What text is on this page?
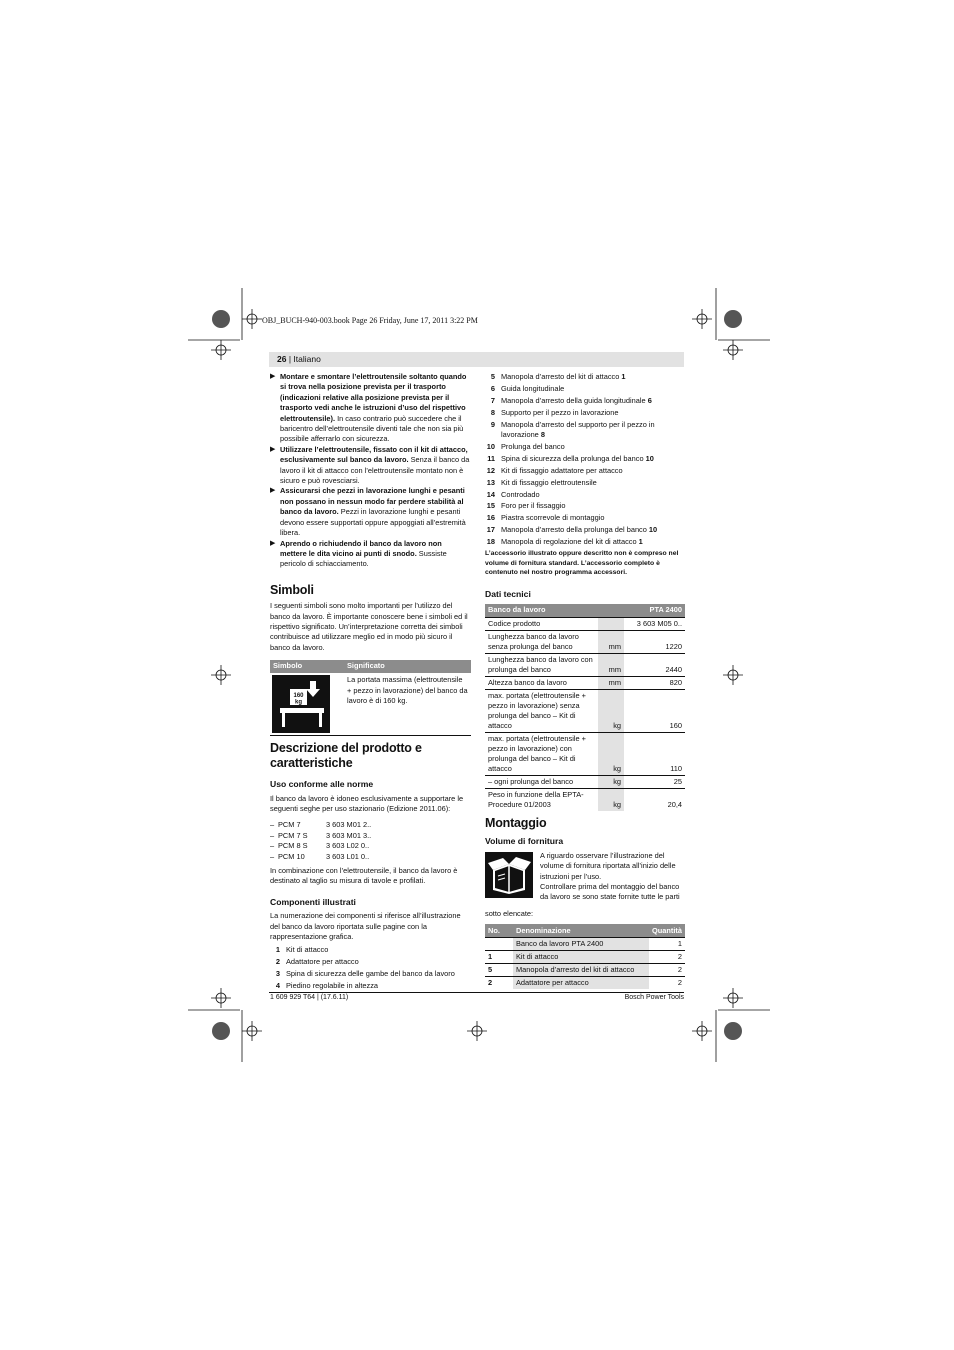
OBJ_BUCH-940-003.book Page 26 Friday, June 17, 2011 3:22 PM
26 | Italiano
▶ Montare e smontare l’elettroutensile soltanto quando si trova nella posizione prevista per il trasporto (indicazioni relative alla posizione prevista per il trasporto vedi anche le istruzioni d’uso del rispettivo elettroutensile). In caso contrario può succedere che il baricentro dell’elettroutensile diventi tale che non sia più possibile afferrarlo con sicurezza.
▶ Utilizzare l’elettroutensile, fissato con il kit di attacco, esclusivamente sul banco da lavoro. Senza il banco da lavoro il kit di attacco con l’elettroutensile montato non è sicuro e può rovesciarsi.
▶ Assicurarsi che pezzi in lavorazione lunghi e pesanti non possano in nessun modo far perdere stabilità al banco da lavoro. Pezzi in lavorazione lunghi e pesanti devono essere supportati oppure appoggiati all’estremità libera.
▶ Aprendo o richiudendo il banco da lavoro non mettere le dita vicino ai punti di snodo. Sussiste pericolo di schiacciamento.
Simboli

I seguenti simboli sono molto importanti per l’utilizzo del banco da lavoro. È importante conoscere bene i simboli ed il rispettivo significato. Un’interpretazione corretta dei simboli contribuisce ad utilizzare meglio ed in modo più sicuro il banco da lavoro.

Simbolo	Significato

160
kg	La portata massima (elettroutensile + pezzo in lavorazione) del banco da lavoro è di 160 kg.
Descrizione del prodotto e caratteristiche
Uso conforme alle norme

Il banco da lavoro è idoneo esclusivamente a supportare le seguenti seghe per uso stazionario (Edizione 2011.06):

– PCM 7	3 603 M01 2..
– PCM 7 S 3 603 M01 3..
– PCM 8 S 3 603 L02 0..
– PCM 10	3 603 L01 0..

In combinazione con l’elettroutensile, il banco da lavoro è destinato al taglio su misura di tavole e profilati.

Componenti illustrati

La numerazione dei componenti si riferisce all’illustrazione del banco da lavoro riportata sulle pagine con la rappresentazione grafica.

1 Kit di attacco
2 Adattatore per attacco
3 Spina di sicurezza delle gambe del banco da lavoro
4 Piedino regolabile in altezza
5 Manopola d’arresto del kit di attacco 1
6 Guida longitudinale
7 Manopola d’arresto della guida longitudinale 6
8 Supporto per il pezzo in lavorazione
9 Manopola d’arresto del supporto per il pezzo in lavorazione 8
10 Prolunga del banco
11 Spina di sicurezza della prolunga del banco 10
12 Kit di fissaggio adattatore per attacco
13 Kit di fissaggio elettroutensile
14 Controdado
15 Foro per il fissaggio
16 Piastra scorrevole di montaggio
17 Manopola d’arresto della prolunga del banco 10
18 Manopola di regolazione del kit di attacco 1

L’accessorio illustrato oppure descritto non è compreso nel volume di fornitura standard. L’accessorio completo è contenuto nel nostro programma accessori.

Dati tecnici
Banco da lavoro		PTA 2400
Codice prodotto		3 603 M05 0..
Lunghezza banco da lavoro senza prolunga del banco	mm	1220
Lunghezza banco da lavoro con prolunga del banco	mm	2440
Altezza banco da lavoro	mm	820
max. portata (elettroutensile + pezzo in lavorazione) senza prolunga del banco – Kit di attacco	kg	160
max. portata (elettroutensile + pezzo in lavorazione) con prolunga del banco – Kit di attacco	kg	110
– ogni prolunga del banco	kg	25
Peso in funzione della EPTA-Procedure 01/2003	kg	20,4
Montaggio
Volume di fornitura

A riguardo osservare l’illustrazione del volume di fornitura riportata all’inizio delle istruzioni per l’uso.

Controllare prima del montaggio del banco da lavoro se sono state fornite tutte le parti

sotto elencate:

No.	Denominazione	Quantità
	Banco da lavoro PTA 2400	1
1	Kit di attacco	2
5	Manopola d’arresto del kit di attacco	2
2	Adattatore per attacco	2
1 609 929 T64 | (17.6.11)	Bosch Power Tools
